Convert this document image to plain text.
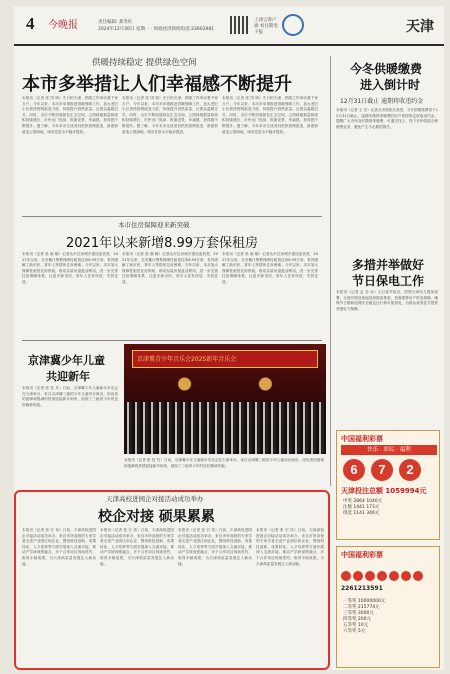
4 今晚报	责任编辑: 郑冬红
2024年12月30日 星期一 · 时政经济新闻电话:23602981
上津云客户端 看往期电子报	天津
供暖持续稳定 提供绿色空间
本市多举措让人们幸福感不断提升
本报讯（记者 张 国 明）冬日的天津，供暖工作牵动着千家万户。今年以来，本市多举措推进供暖保障工作，加大老旧小区供热管网改造力度，持续提升供热质量，让群众温暖过冬。同时，全市不断拓展绿色生态空间，公园绿地数量和面积持续增长，市民出门见绿、推窗见景，幸福感、获得感不断提升。据了解，今年本市完成老旧供热管网改造，新建和改造公园绿地，城市宜居水平稳步提高。
本报讯（记者 张 国 明）冬日的天津，供暖工作牵动着千家万户。今年以来，本市多举措推进供暖保障工作，加大老旧小区供热管网改造力度，持续提升供热质量，让群众温暖过冬。同时，全市不断拓展绿色生态空间，公园绿地数量和面积持续增长，市民出门见绿、推窗见景，幸福感、获得感不断提升。据了解，今年本市完成老旧供热管网改造，新建和改造公园绿地，城市宜居水平稳步提高。
本报讯（记者 张 国 明）冬日的天津，供暖工作牵动着千家万户。今年以来，本市多举措推进供暖保障工作，加大老旧小区供热管网改造力度，持续提升供热质量，让群众温暖过冬。同时，全市不断拓展绿色生态空间，公园绿地数量和面积持续增长，市民出门见绿、推窗见景，幸福感、获得感不断提升。据了解，今年本市完成老旧供热管网改造，新建和改造公园绿地，城市宜居水平稳步提高。
今冬供暖缴费
进入倒计时
12月31日截止 逾期将收违约金
本报讯（记者 王 音）记者从市供热办获悉，今冬供暖缴费将于12月31日截止，逾期未缴纳采暖费的用户将按规定收取违约金。提醒广大市民及时缴纳采暖费，可通过线上、线下多种渠道办理缴费业务，避免产生不必要的损失。
多措并举做好
节日保电工作
本报讯（记者 孟 若 冰）元旦春节临近，国网天津电力提前部署，全面开展设备巡视和隐患排查，加强重要用户供电保障，确保节日期间电网安全稳定运行和可靠供电，为群众欢度佳节提供坚强电力保障。
本市住房保障迎来新突破
2021年以来新增8.99万套保租房
本报讯（记者 张 晓 娜）记者从市住房城乡建设委获悉，2021年以来，全市累计筹集保障性租赁住房8.99万套，有效缓解了新市民、青年人等群体住房困难。今年以来，本市加大保障性租赁住房供给，推动存量房屋盘活利用，进一步完善住房保障体系，让更多新市民、青年人住有所居、安居宜居。
本报讯（记者 张 晓 娜）记者从市住房城乡建设委获悉，2021年以来，全市累计筹集保障性租赁住房8.99万套，有效缓解了新市民、青年人等群体住房困难。今年以来，本市加大保障性租赁住房供给，推动存量房屋盘活利用，进一步完善住房保障体系，让更多新市民、青年人住有所居、安居宜居。
本报讯（记者 张 晓 娜）记者从市住房城乡建设委获悉，2021年以来，全市累计筹集保障性租赁住房8.99万套，有效缓解了新市民、青年人等群体住房困难。今年以来，本市加大保障性租赁住房供给，推动存量房屋盘活利用，进一步完善住房保障体系，让更多新市民、青年人住有所居、安居宜居。
京津冀少年儿童
共迎新年
本报讯（记者 张 钰 芃）日前，京津冀少年儿童新年音乐会在天津举办，来自京津冀三地的少年儿童同台演出，用优美的旋律和饱满的热情迎接新年到来，展现了三地青少年的良好精神风貌。
京津冀青少年音乐会2025新年音乐会
本报讯（记者 张 钰 芃）日前，京津冀少年儿童新年音乐会在天津举办，来自京津冀三地的少年儿童同台演出，用优美的旋律和饱满的热情迎接新年到来，展现了三地青少年的良好精神风貌。
中国福利彩票
快乐 · 彩民 · 福利
6 7 2
天津投注总额 1059994元
中奖 2864 1040元
注数 1441 173元
组选 1141 346元
中国福利彩票
2261213591
一等奖 10000000元
二等奖 215774元
三等奖 3000元
四等奖 200元
五等奖 10元
六等奖 5元
天津高校进园企对接活动成功举办
校企对接 硕果累累
本报讯（记者 张 宏 伟）日前，天津高校进园企对接活动成功举办，来自多所高校的专家学者走进产业园区和企业，围绕科技创新、成果转化、人才培养等方面开展深入交流对接，推动产学研深度融合，多个合作项目现场签约，取得丰硕成果，为天津高质量发展注入新动能。
本报讯（记者 张 宏 伟）日前，天津高校进园企对接活动成功举办，来自多所高校的专家学者走进产业园区和企业，围绕科技创新、成果转化、人才培养等方面开展深入交流对接，推动产学研深度融合，多个合作项目现场签约，取得丰硕成果，为天津高质量发展注入新动能。
本报讯（记者 张 宏 伟）日前，天津高校进园企对接活动成功举办，来自多所高校的专家学者走进产业园区和企业，围绕科技创新、成果转化、人才培养等方面开展深入交流对接，推动产学研深度融合，多个合作项目现场签约，取得丰硕成果，为天津高质量发展注入新动能。
本报讯（记者 张 宏 伟）日前，天津高校进园企对接活动成功举办，来自多所高校的专家学者走进产业园区和企业，围绕科技创新、成果转化、人才培养等方面开展深入交流对接，推动产学研深度融合，多个合作项目现场签约，取得丰硕成果，为天津高质量发展注入新动能。
